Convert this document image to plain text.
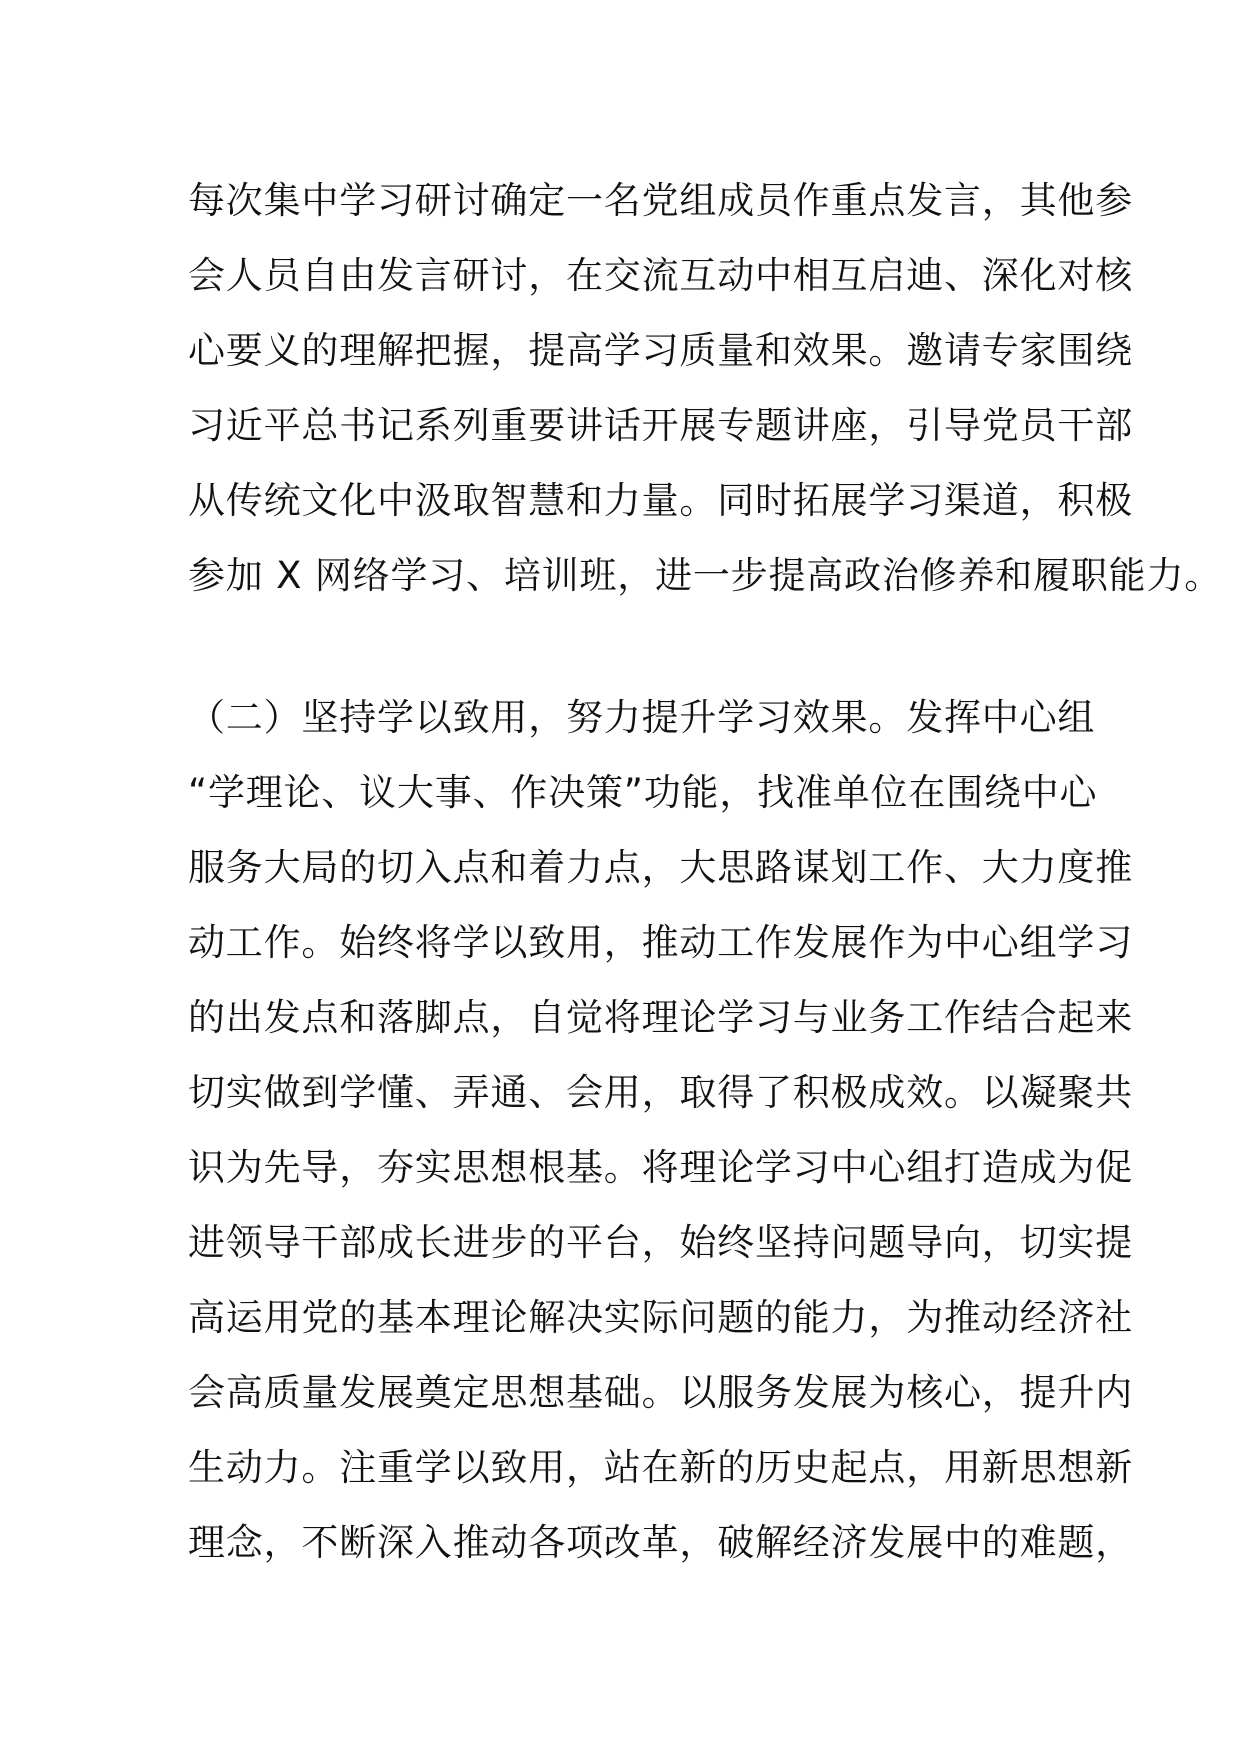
每次集中学习研讨确定一名党组成员作重点发言，其他参
会人员自由发言研讨，在交流互动中相互启迪、深化对核
心要义的理解把握，提高学习质量和效果。邀请专家围绕
习近平总书记系列重要讲话开展专题讲座，引导党员干部
从传统文化中汲取智慧和力量。同时拓展学习渠道，积极
参加 X 网络学习、培训班，进一步提高政治修养和履职能力。
（二）坚持学以致用，努力提升学习效果。发挥中心组
“学理论、议大事、作决策”功能，找准单位在围绕中心
服务大局的切入点和着力点，大思路谋划工作、大力度推
动工作。始终将学以致用，推动工作发展作为中心组学习
的出发点和落脚点，自觉将理论学习与业务工作结合起来
切实做到学懂、弄通、会用，取得了积极成效。以凝聚共
识为先导，夯实思想根基。将理论学习中心组打造成为促
进领导干部成长进步的平台，始终坚持问题导向，切实提
高运用党的基本理论解决实际问题的能力，为推动经济社
会高质量发展奠定思想基础。以服务发展为核心，提升内
生动力。注重学以致用，站在新的历史起点，用新思想新
理念，不断深入推动各项改革，破解经济发展中的难题，
